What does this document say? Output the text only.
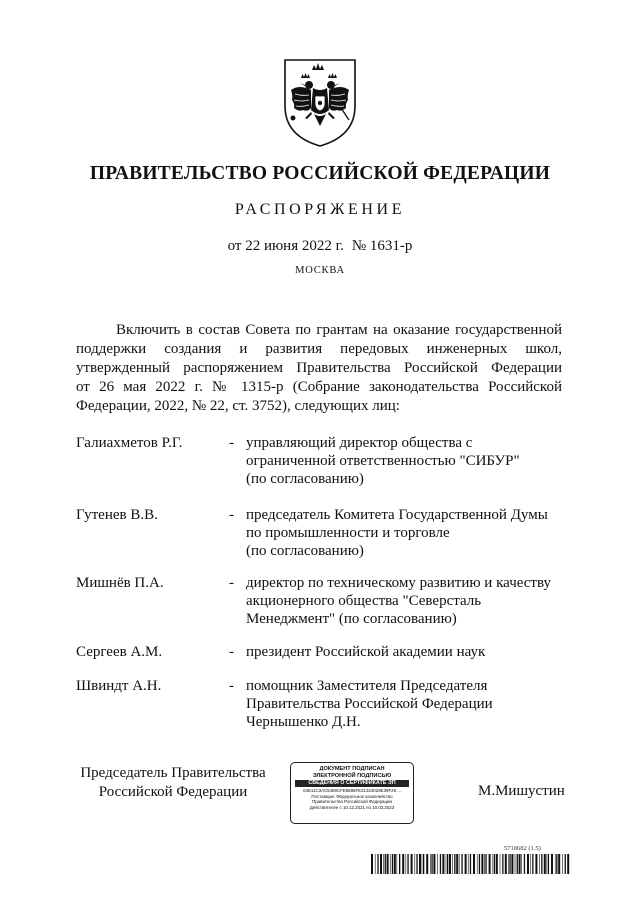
ПРАВИТЕЛЬСТВО РОССИЙСКОЙ ФЕДЕРАЦИИ
РАСПОРЯЖЕНИЕ
от 22 июня 2022 г. № 1631-р
МОСКВА
Включить в состав Совета по грантам на оказание государственной
поддержки создания и развития передовых инженерных школ,
утвержденный распоряжением Правительства Российской Федерации
от 26 мая 2022 г. № 1315-р (Собрание законодательства Российской
Федерации, 2022, № 22, ст. 3752), следующих лиц:
Галиахметов Р.Г.	- управляющий директор общества с
ограниченной ответственностью "СИБУР"
(по согласованию)
Гутенев В.В.	- председатель Комитета Государственной Думы
по промышленности и торговле
(по согласованию)
Мишнёв П.А.	- директор по техническому развитию и качеству
акционерного общества "Северсталь
Менеджмент" (по согласованию)
Сергеев А.М.	- президент Российской академии наук
Швиндт А.Н.	- помощник Заместителя Председателя
Правительства Российской Федерации
Чернышенко Д.Н.
Председатель Правительства
Российской Федерации
ДОКУМЕНТ ПОДПИСАН
ЭЛЕКТРОННОЙ ПОДПИСЬЮ
СВЕДЕНИЯ О СЕРТИФИКАТЕ ЭП
04E11C3AC5468CFE8686FE21323028E39F29 ...
Поставщик: Федеральное казначейство
Правительство Российской Федерации
Действителен с 10.12.2021 по 10.03.2023
М.Мишустин
5718682 (1.5)
